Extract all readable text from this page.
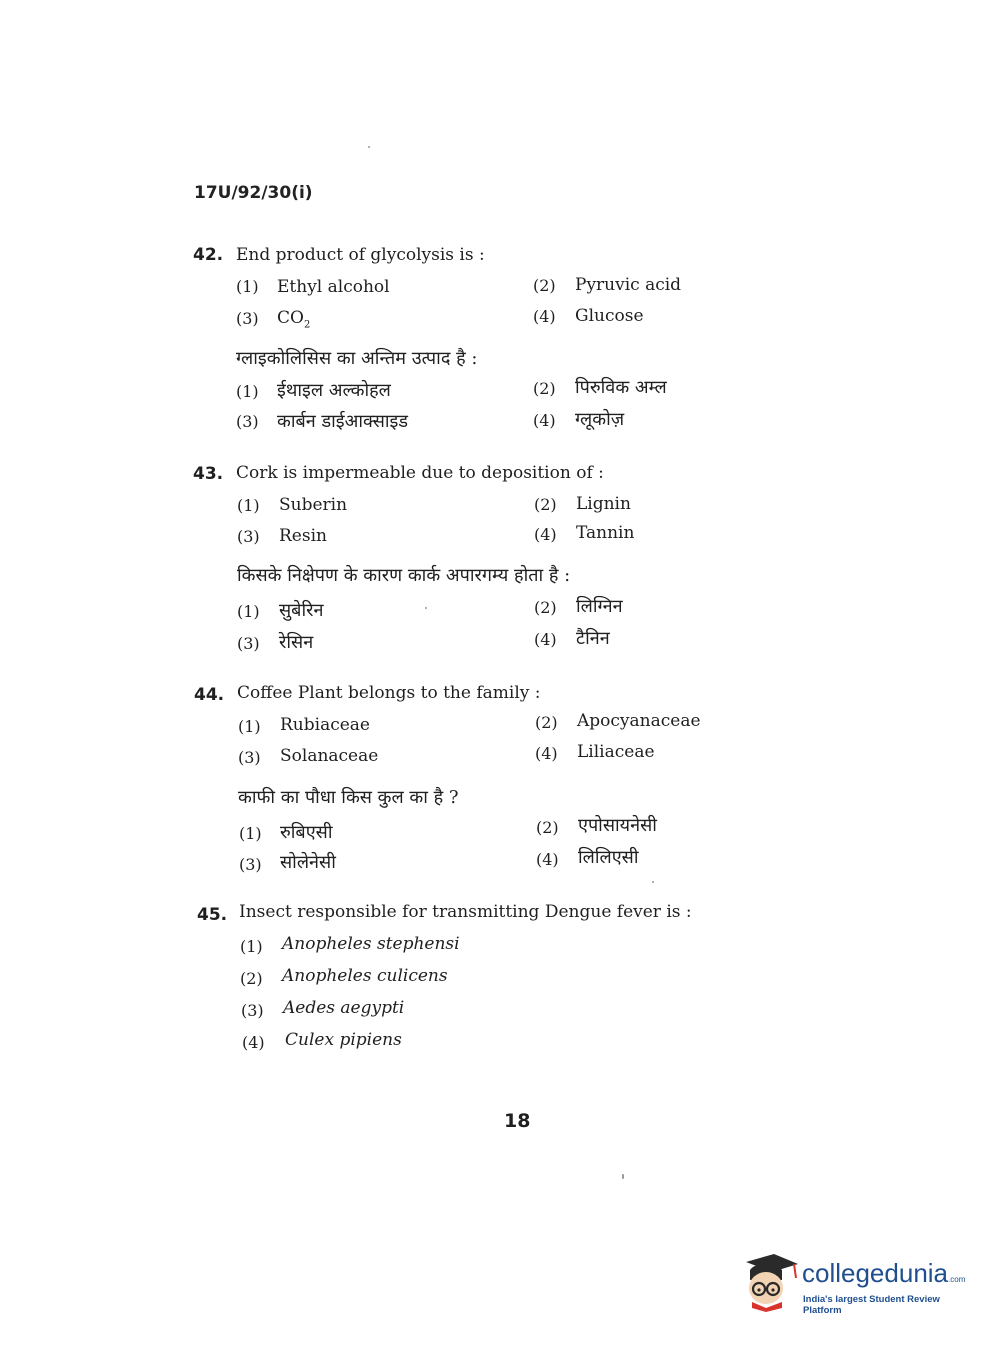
17U/92/30(i)
42. End product of glycolysis is :
(1) Ethyl alcohol	(2) Pyruvic acid
(3) $CO_2$	(4) Glucose
ग्लाइकोलिसिस का अन्तिम उत्पाद है :
(1) ईथाइल अल्कोहल	(2) पिरुविक अम्ल
(3) कार्बन डाईआक्साइड	(4) ग्लूकोज़
43. Cork is impermeable due to deposition of :
(1) Suberin	(2) Lignin
(3) Resin	(4) Tannin
किसके निक्षेपण के कारण कार्क अपारगम्य होता है :
(1) सुबेरिन	(2) लिग्निन
(3) रेसिन	(4) टैनिन
44. Coffee Plant belongs to the family :
(1) Rubiaceae	(2) Apocyanaceae
(3) Solanaceae	(4) Liliaceae
काफी का पौधा किस कुल का है ?
(1) रुबिएसी	(2) एपोसायनेसी
(3) सोलेनेसी	(4) लिलिएसी
45. Insect responsible for transmitting Dengue fever is :
(1) Anopheles stephensi
(2) Anopheles culicens
(3) Aedes aegypti
(4) Culex pipiens
18
collegedunia.com
India's largest Student Review Platform
